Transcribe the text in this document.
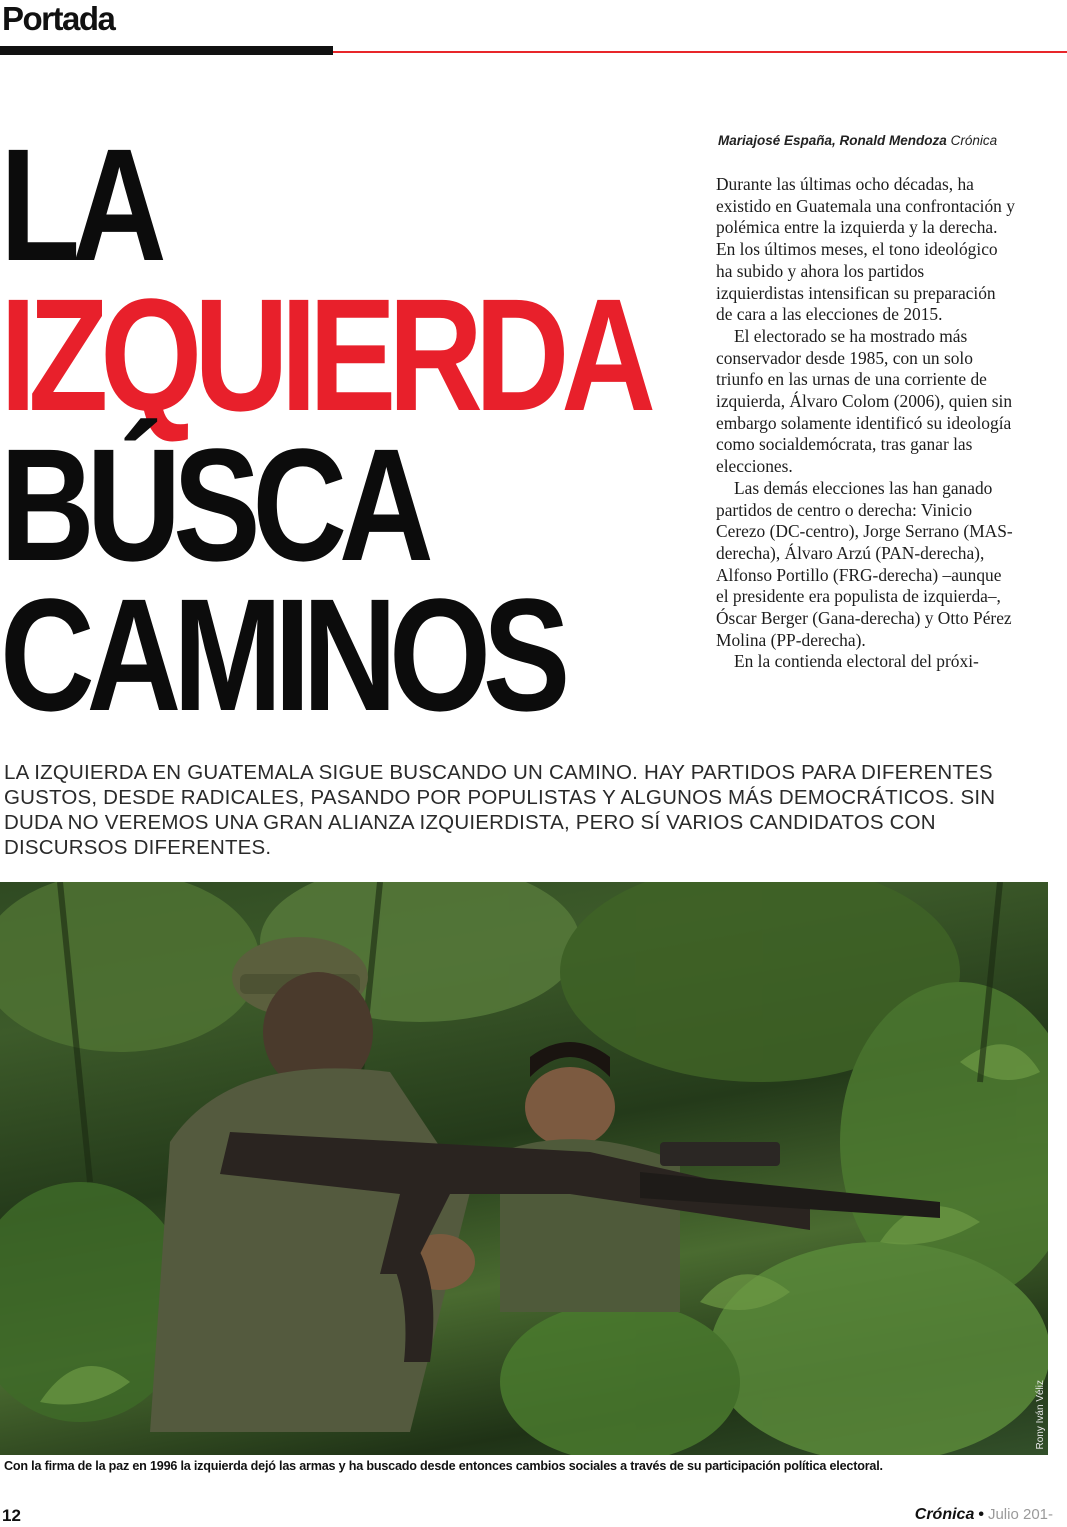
Portada
LA
IZQUIERDA
BÚSCA
CAMINOS
Mariajosé España, Ronald Mendoza Crónica

Durante las últimas ocho décadas, ha existido en Guatemala una confrontación y polémica entre la izquierda y la derecha. En los últimos meses, el tono ideológico ha subido y ahora los partidos izquierdistas intensifican su preparación de cara a las elecciones de 2015.

El electorado se ha mostrado más conservador desde 1985, con un solo triunfo en las urnas de una corriente de izquierda, Álvaro Colom (2006), quien sin embargo solamente identificó su ideología como socialdemócrata, tras ganar las elecciones.

Las demás elecciones las han ganado partidos de centro o derecha: Vinicio Cerezo (DC-centro), Jorge Serrano (MAS-derecha), Álvaro Arzú (PAN-derecha), Alfonso Portillo (FRG-derecha) –aunque el presidente era populista de izquierda–, Óscar Berger (Gana-derecha) y Otto Pérez Molina (PP-derecha).

En la contienda electoral del próxi-

LA IZQUIERDA EN GUATEMALA SIGUE BUSCANDO UN CAMINO. HAY PARTIDOS PARA DIFERENTES GUSTOS, DESDE RADICALES, PASANDO POR POPULISTAS Y ALGUNOS MÁS DEMOCRÁTICOS. SIN DUDA NO VEREMOS UNA GRAN ALIANZA IZQUIERDISTA, PERO SÍ VARIOS CANDIDATOS CON DISCURSOS DIFERENTES.
Rony Iván Véliz
Con la firma de la paz en 1996 la izquierda dejó las armas y ha buscado desde entonces cambios sociales a través de su participación política electoral.
12	Crónica • Julio 201-
